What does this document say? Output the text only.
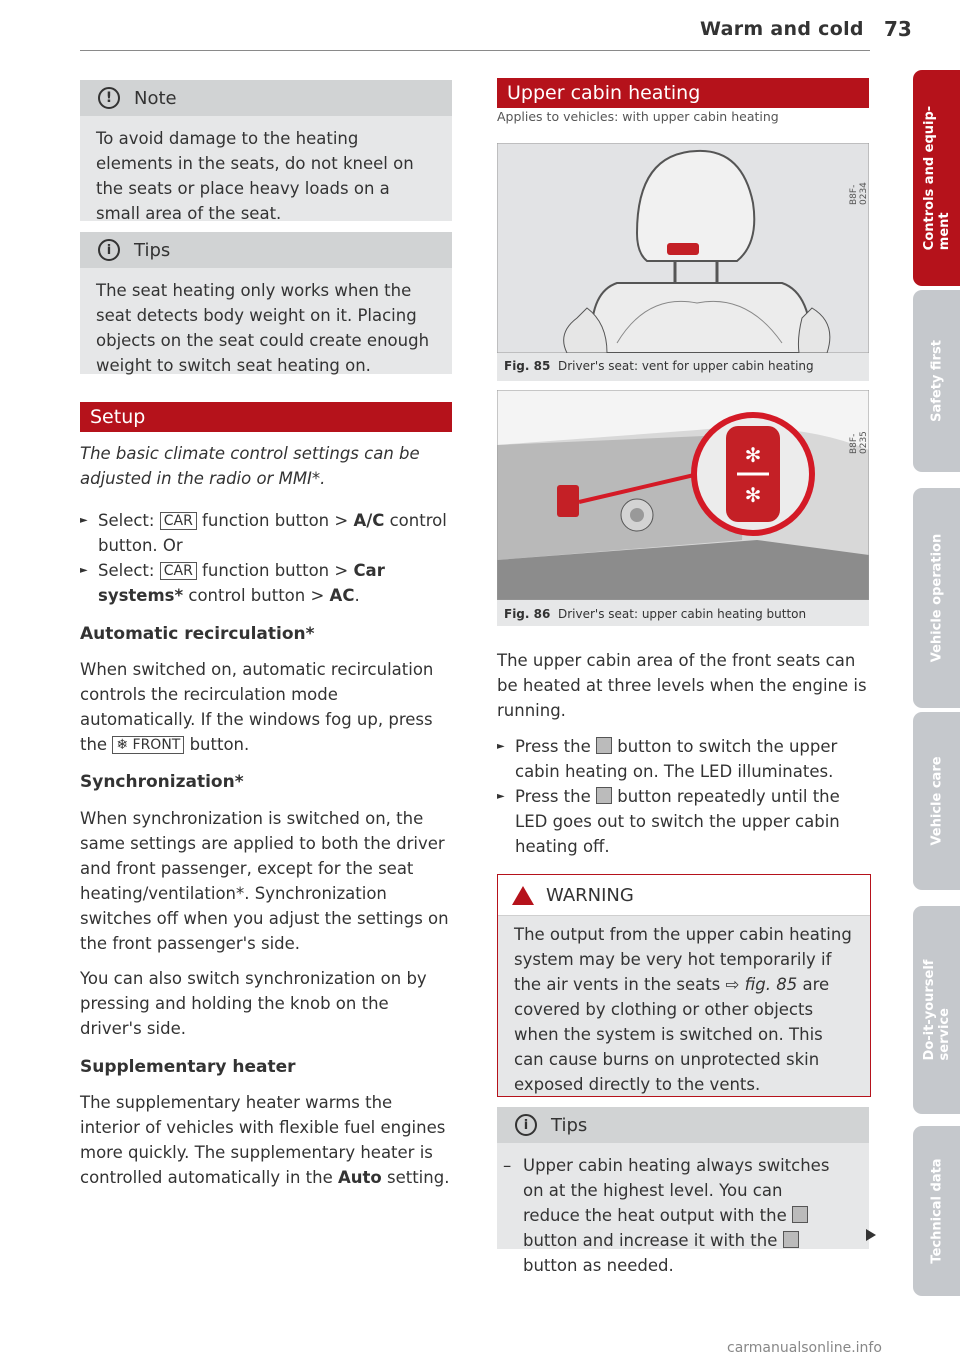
Warm and cold 73
Controls and equip-
ment
Safety first
Vehicle operation
Vehicle care
Do-it-yourself
service
Technical data
!	Note
To avoid damage to the heating elements in the seats, do not kneel on the seats or place heavy loads on a small area of the seat.
i	Tips
The seat heating only works when the seat detects body weight on it. Placing objects on the seat could create enough weight to switch seat heating on.
Setup
The basic climate control settings can be adjusted in the radio or MMI*.
► Select: CAR function button > A/C control button. Or
► Select: CAR function button > Car systems* control button > AC.
Automatic recirculation*
When switched on, automatic recirculation controls the recirculation mode automatically. If the windows fog up, press the ❄ FRONT button.
Synchronization*
When synchronization is switched on, the same settings are applied to both the driver and front passenger, except for the seat heating/ventilation*. Synchronization switches off when you adjust the settings on the front passenger's side.
You can also switch synchronization on by pressing and holding the knob on the driver's side.
Supplementary heater
The supplementary heater warms the interior of vehicles with flexible fuel engines more quickly. The supplementary heater is controlled automatically in the Auto setting.
Upper cabin heating
Applies to vehicles: with upper cabin heating
B8F-0234
Fig. 85 Driver's seat: vent for upper cabin heating
✻
✻
B8F-0235
Fig. 86 Driver's seat: upper cabin heating button
The upper cabin area of the front seats can be heated at three levels when the engine is running.
► Press the  button to switch the upper cabin heating on. The LED illuminates.
► Press the  button repeatedly until the LED goes out to switch the upper cabin heating off.
WARNING
The output from the upper cabin heating system may be very hot temporarily if the air vents in the seats ⇨ fig. 85 are covered by clothing or other objects when the system is switched on. This can cause burns on unprotected skin exposed directly to the vents.
i	Tips
– Upper cabin heating always switches on at the highest level. You can reduce the heat output with the  button and increase it with the  button as needed.
carmanualsonline.info
